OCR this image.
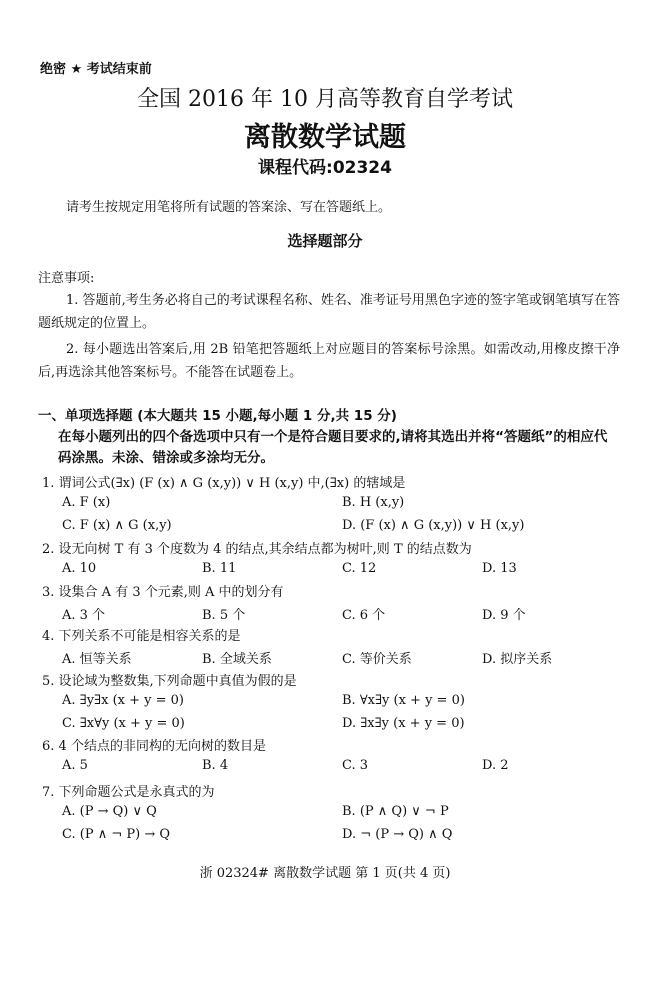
绝密 ★ 考试结束前
全国 2016 年 10 月高等教育自学考试
离散数学试题
课程代码:02324
请考生按规定用笔将所有试题的答案涂、写在答题纸上。
选择题部分
注意事项:
1. 答题前,考生务必将自己的考试课程名称、姓名、准考证号用黑色字迹的签字笔或钢笔填写在答题纸规定的位置上。
2. 每小题选出答案后,用 2B 铅笔把答题纸上对应题目的答案标号涂黑。如需改动,用橡皮擦干净后,再选涂其他答案标号。不能答在试题卷上。
一、单项选择题 (本大题共 15 小题,每小题 1 分,共 15 分)
在每小题列出的四个备选项中只有一个是符合题目要求的,请将其选出并将“答题纸”的相应代码涂黑。未涂、错涂或多涂均无分。
1. 谓词公式(∃x) (F (x) ∧ G (x,y)) ∨ H (x,y) 中,(∃x) 的辖域是
A. F (x)	B. H (x,y)
C. F (x) ∧ G (x,y)	D. (F (x) ∧ G (x,y)) ∨ H (x,y)
2. 设无向树 T 有 3 个度数为 4 的结点,其余结点都为树叶,则 T 的结点数为
A. 10	B. 11	C. 12	D. 13
3. 设集合 A 有 3 个元素,则 A 中的划分有
A. 3 个	B. 5 个	C. 6 个	D. 9 个
4. 下列关系不可能是相容关系的是
A. 恒等关系	B. 全域关系	C. 等价关系	D. 拟序关系
5. 设论域为整数集,下列命题中真值为假的是
A. ∃y∃x (x + y = 0)	B. ∀x∃y (x + y = 0)
C. ∃x∀y (x + y = 0)	D. ∃x∃y (x + y = 0)
6. 4 个结点的非同构的无向树的数目是
A. 5	B. 4	C. 3	D. 2
7. 下列命题公式是永真式的为
A. (P → Q) ∨ Q	B. (P ∧ Q) ∨ ¬ P
C. (P ∧ ¬ P) → Q	D. ¬ (P → Q) ∧ Q
浙 02324# 离散数学试题 第 1 页(共 4 页)
